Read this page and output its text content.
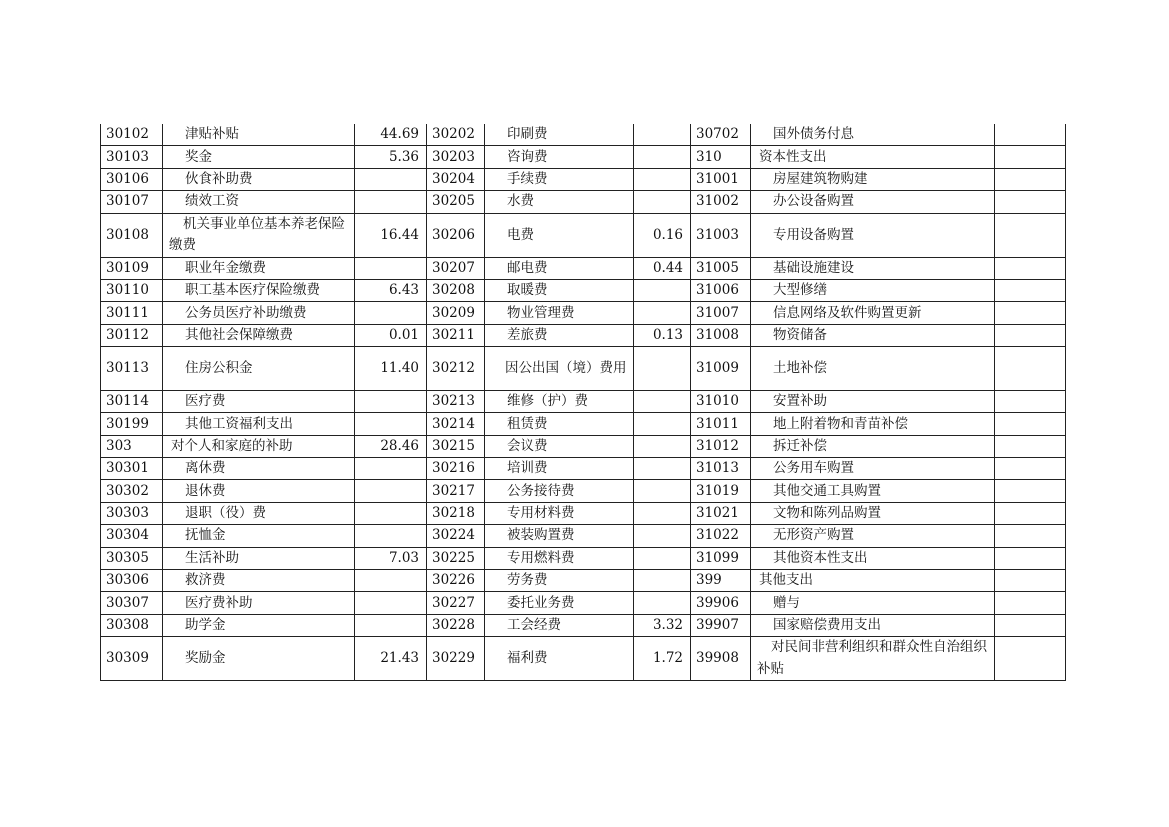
30102	津贴补贴	44.69	30202	印刷费		30702	国外债务付息	
30103	奖金	5.36	30203	咨询费		310	资本性支出	
30106	伙食补助费		30204	手续费		31001	房屋建筑物购建	
30107	绩效工资		30205	水费		31002	办公设备购置	
30108	机关事业单位基本养老保险缴费	16.44	30206	电费	0.16	31003	专用设备购置	
30109	职业年金缴费		30207	邮电费	0.44	31005	基础设施建设	
30110	职工基本医疗保险缴费	6.43	30208	取暖费		31006	大型修缮	
30111	公务员医疗补助缴费		30209	物业管理费		31007	信息网络及软件购置更新	
30112	其他社会保障缴费	0.01	30211	差旅费	0.13	31008	物资储备	
30113	住房公积金	11.40	30212	因公出国（境）费用		31009	土地补偿	
30114	医疗费		30213	维修（护）费		31010	安置补助	
30199	其他工资福利支出		30214	租赁费		31011	地上附着物和青苗补偿	
303	对个人和家庭的补助	28.46	30215	会议费		31012	拆迁补偿	
30301	离休费		30216	培训费		31013	公务用车购置	
30302	退休费		30217	公务接待费		31019	其他交通工具购置	
30303	退职（役）费		30218	专用材料费		31021	文物和陈列品购置	
30304	抚恤金		30224	被装购置费		31022	无形资产购置	
30305	生活补助	7.03	30225	专用燃料费		31099	其他资本性支出	
30306	救济费		30226	劳务费		399	其他支出	
30307	医疗费补助		30227	委托业务费		39906	赠与	
30308	助学金		30228	工会经费	3.32	39907	国家赔偿费用支出	
30309	奖励金	21.43	30229	福利费	1.72	39908	对民间非营利组织和群众性自治组织补贴	
